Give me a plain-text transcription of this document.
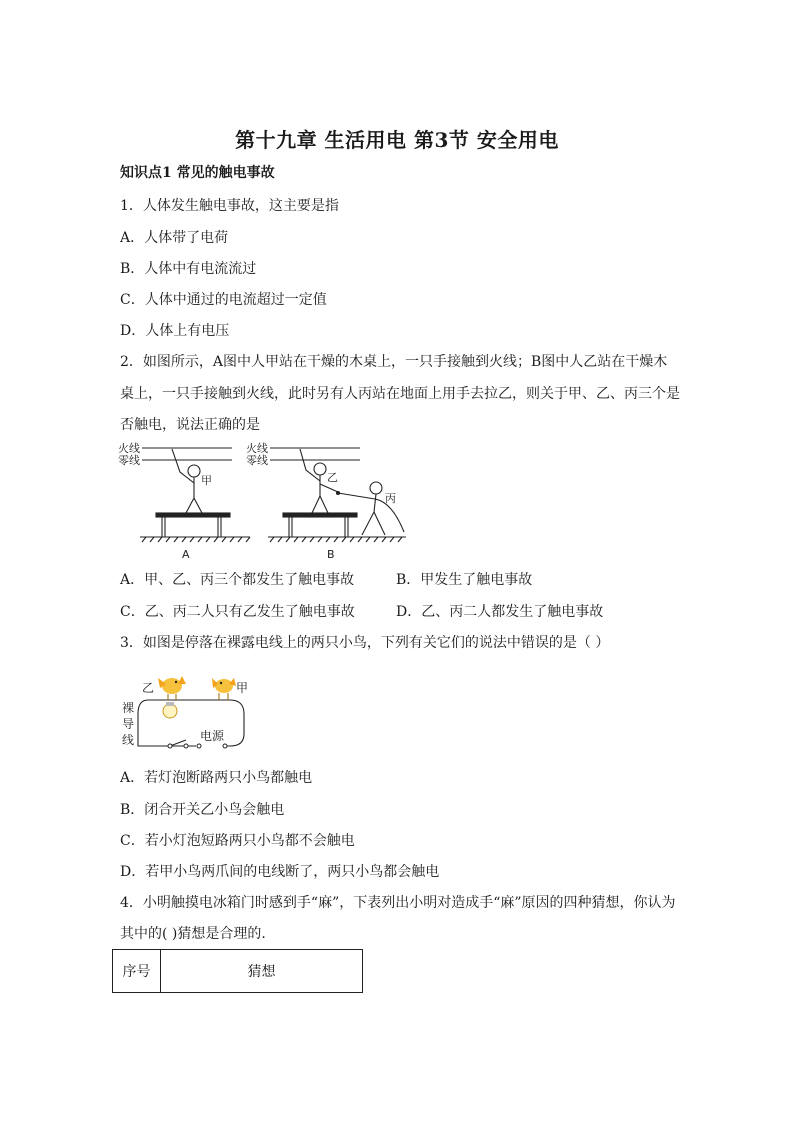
第十九章 生活用电 第3节 安全用电
知识点1 常见的触电事故
1．人体发生触电事故，这主要是指
A．人体带了电荷
B．人体中有电流流过
C．人体中通过的电流超过一定值
D．人体上有电压
2．如图所示，A图中人甲站在干燥的木桌上，一只手接触到火线；B图中人乙站在干燥木
桌上，一只手接触到火线，此时另有人丙站在地面上用手去拉乙，则关于甲、乙、丙三个是
否触电，说法正确的是
火线
零线
火线
零线
甲	乙
丙
A	B
A．甲、乙、丙三个都发生了触电事故	B．甲发生了触电事故
C．乙、丙二人只有乙发生了触电事故	D．乙、丙二人都发生了触电事故
3．如图是停落在裸露电线上的两只小鸟，下列有关它们的说法中错误的是（ ）
乙	甲
裸
导
线	电源
A．若灯泡断路两只小鸟都触电
B．闭合开关乙小鸟会触电
C．若小灯泡短路两只小鸟都不会触电
D．若甲小鸟两爪间的电线断了，两只小鸟都会触电
4．小明触摸电冰箱门时感到手“麻”，下表列出小明对造成手“麻”原因的四种猜想，你认为
其中的( )猜想是合理的.
序号	猜想
